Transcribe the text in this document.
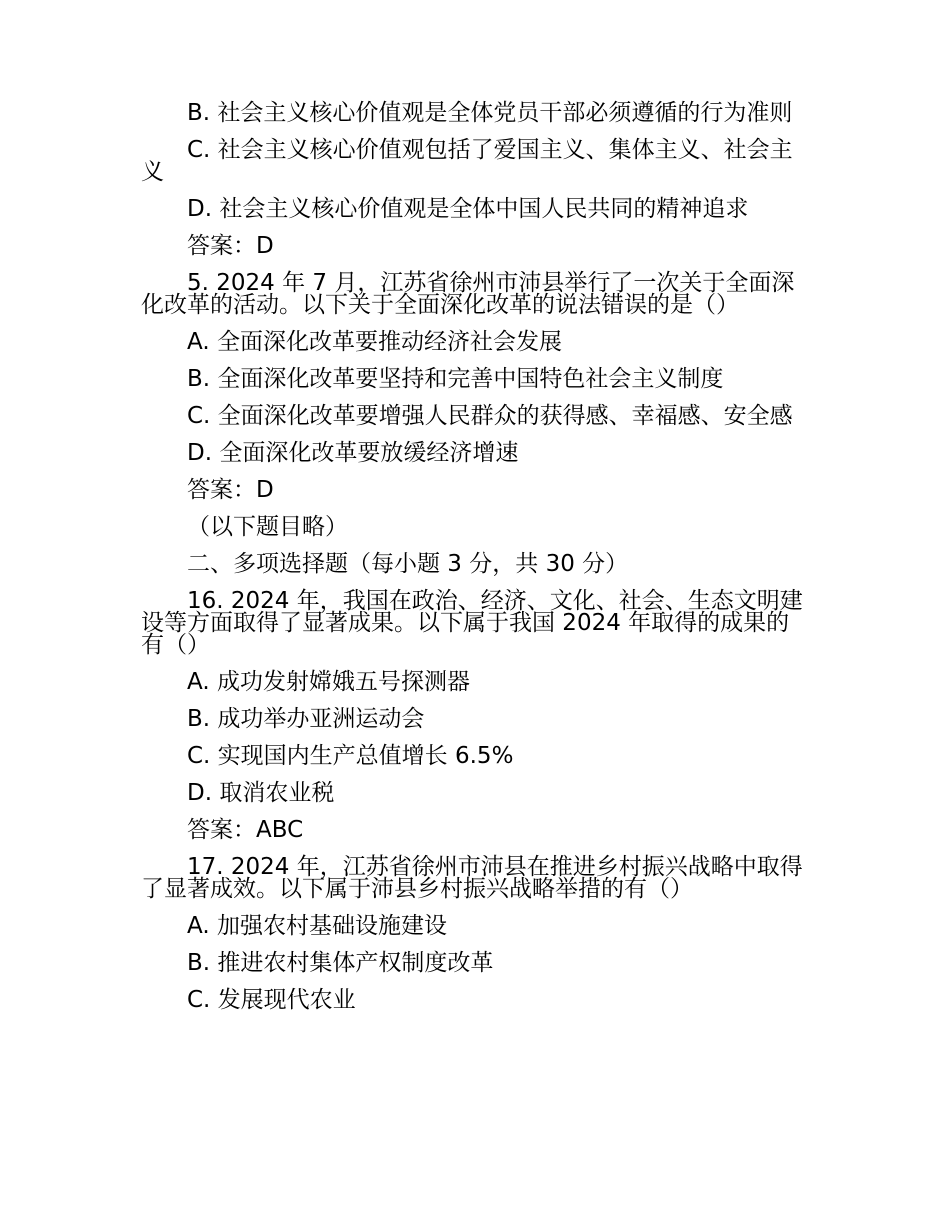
B. 社会主义核心价值观是全体党员干部必须遵循的行为准则

C. 社会主义核心价值观包括了爱国主义、集体主义、社会主义

D. 社会主义核心价值观是全体中国人民共同的精神追求

答案：D

5. 2024 年 7 月，江苏省徐州市沛县举行了一次关于全面深化改革的活动。以下关于全面深化改革的说法错误的是（）

A. 全面深化改革要推动经济社会发展

B. 全面深化改革要坚持和完善中国特色社会主义制度

C. 全面深化改革要增强人民群众的获得感、幸福感、安全感

D. 全面深化改革要放缓经济增速

答案：D

（以下题目略）

二、多项选择题（每小题 3 分，共 30 分）

16. 2024 年，我国在政治、经济、文化、社会、生态文明建设等方面取得了显著成果。以下属于我国 2024 年取得的成果的有（）

A. 成功发射嫦娥五号探测器

B. 成功举办亚洲运动会

C. 实现国内生产总值增长 6.5%

D. 取消农业税

答案：ABC

17. 2024 年，江苏省徐州市沛县在推进乡村振兴战略中取得了显著成效。以下属于沛县乡村振兴战略举措的有（）

A. 加强农村基础设施建设

B. 推进农村集体产权制度改革

C. 发展现代农业
